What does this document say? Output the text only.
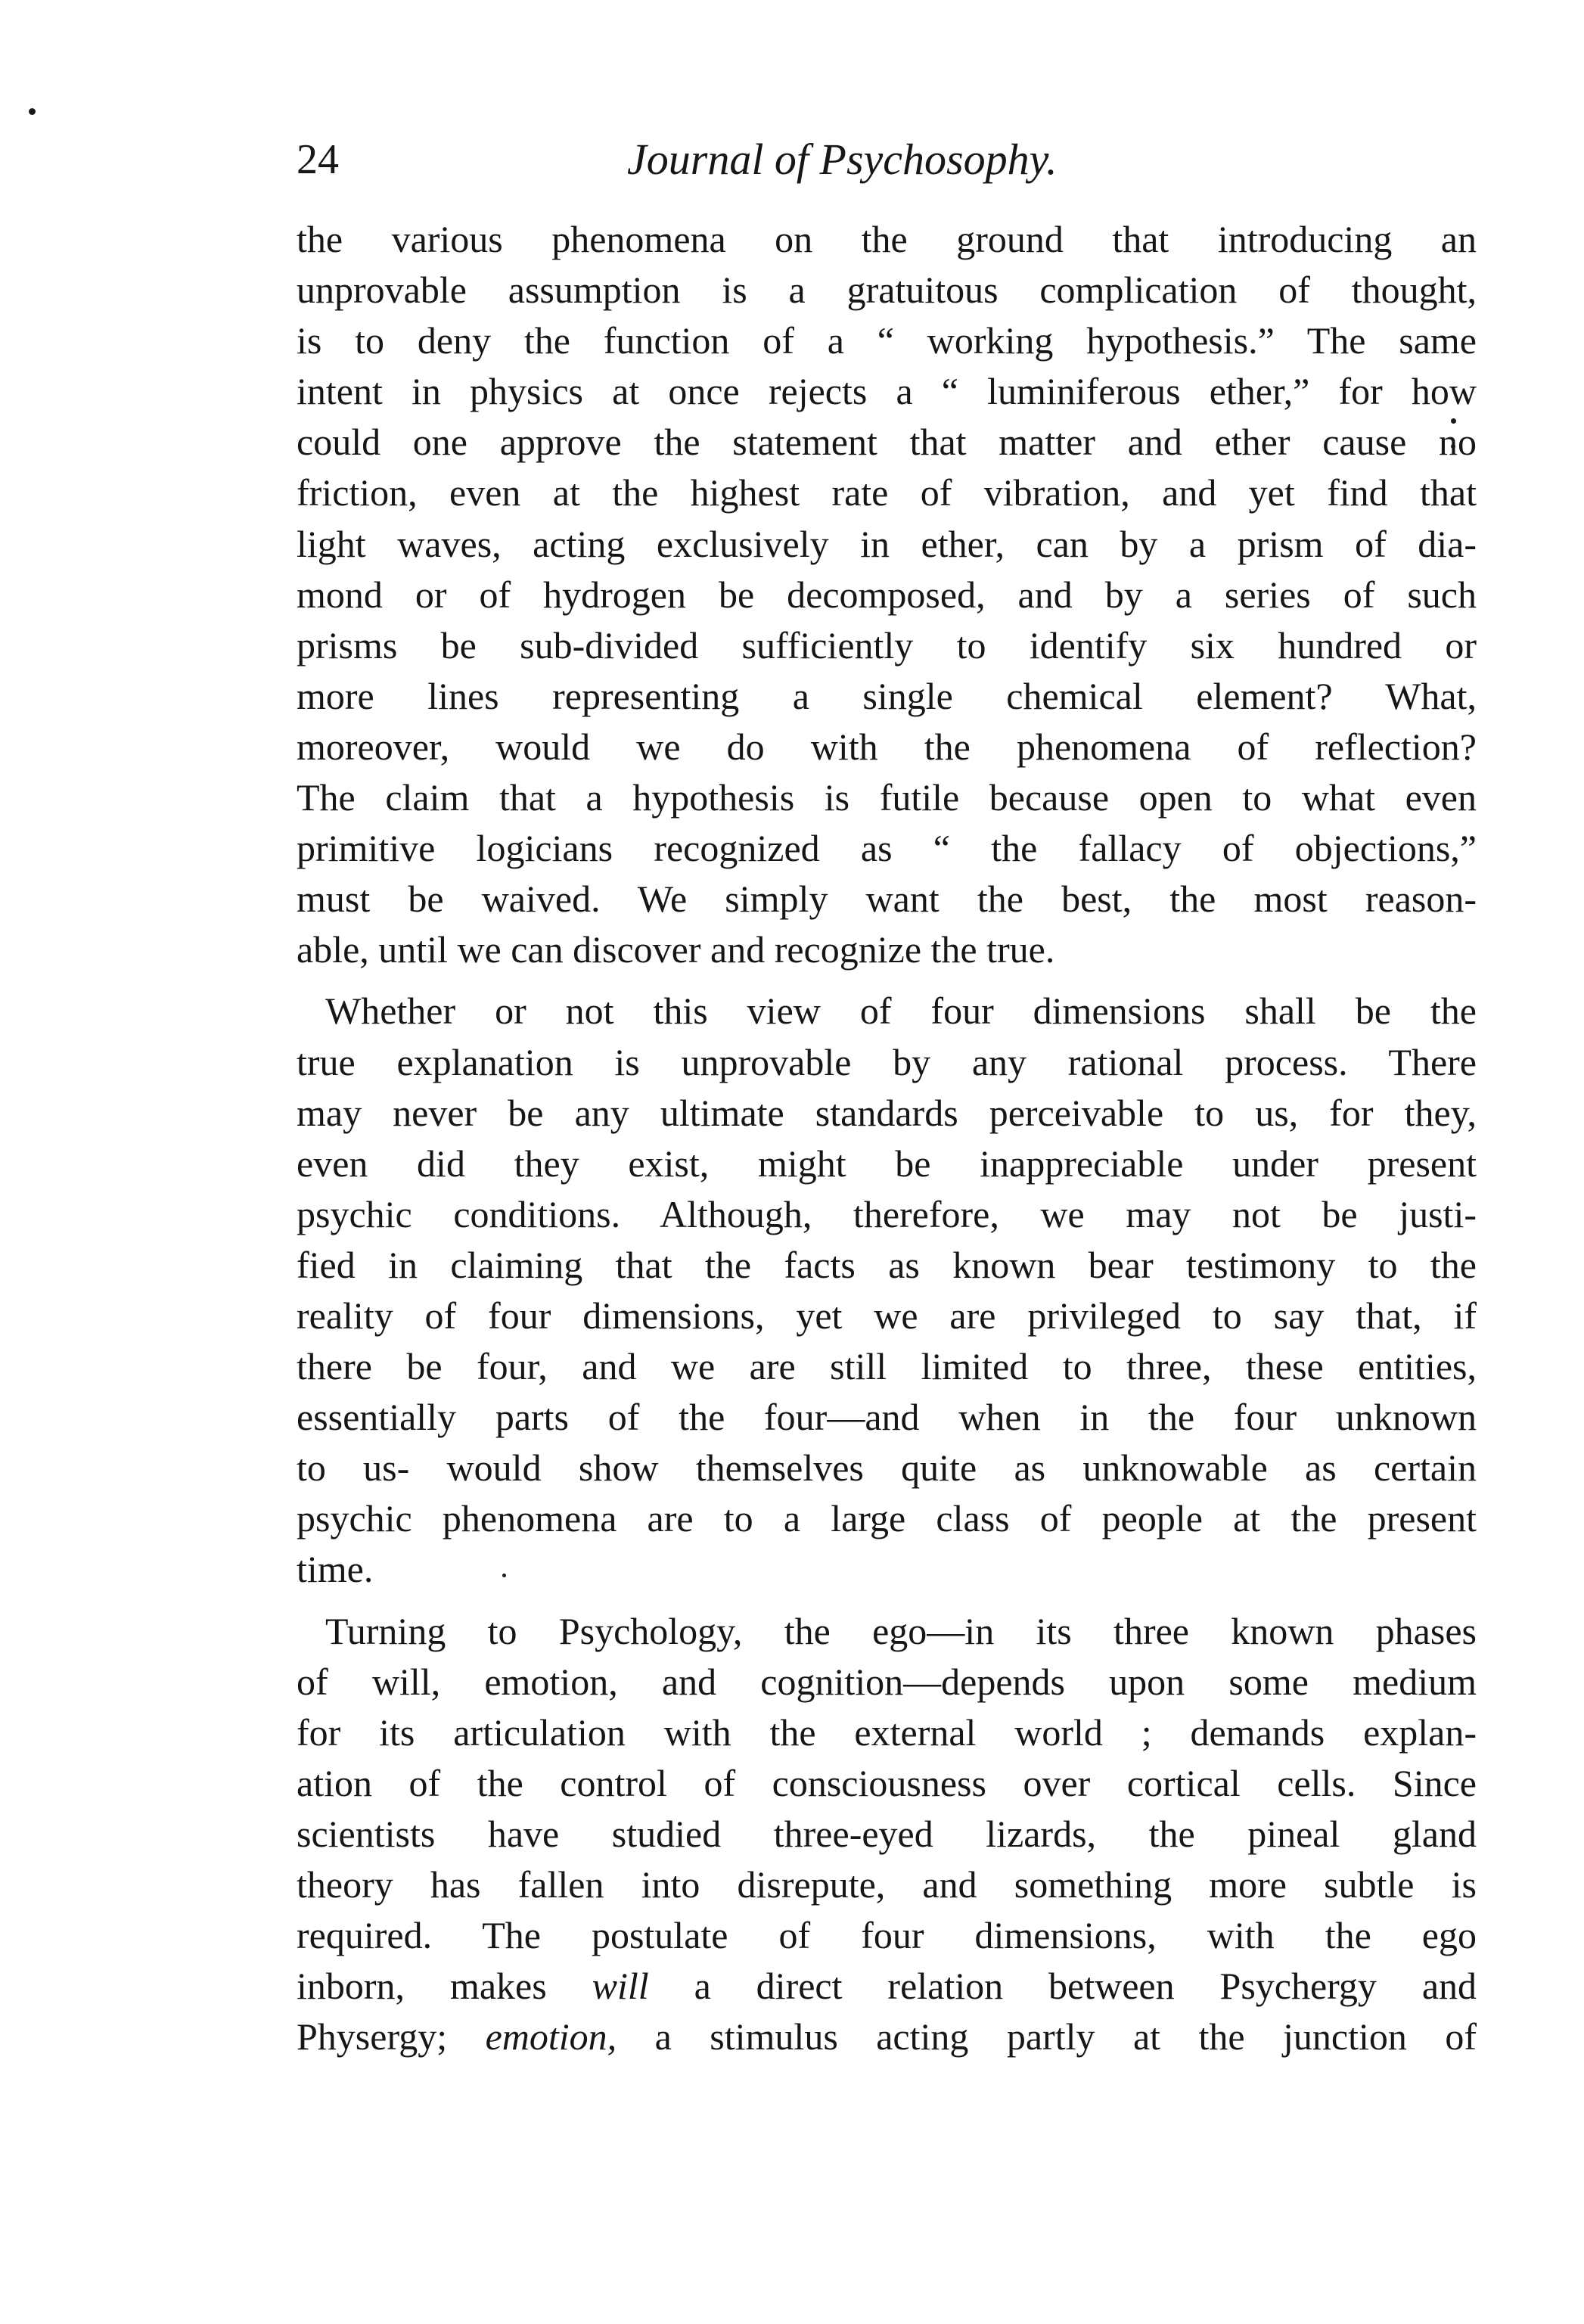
24	Journal of Psychosophy.
the various phenomena on the ground that introducing an
unprovable assumption is a gratuitous complication of thought,
is to deny the function of a “ working hypothesis.” The same
intent in physics at once rejects a “ luminiferous ether,” for how
could one approve the statement that matter and ether cause no
friction, even at the highest rate of vibration, and yet find that
light waves, acting exclusively in ether, can by a prism of dia-
mond or of hydrogen be decomposed, and by a series of such
prisms be sub-divided sufficiently to identify six hundred or
more lines representing a single chemical element? What,
moreover, would we do with the phenomena of reflection?
The claim that a hypothesis is futile because open to what even
primitive logicians recognized as “ the fallacy of objections,”
must be waived. We simply want the best, the most reason-
able, until we can discover and recognize the true.
Whether or not this view of four dimensions shall be the
true explanation is unprovable by any rational process. There
may never be any ultimate standards perceivable to us, for they,
even did they exist, might be inappreciable under present
psychic conditions. Although, therefore, we may not be justi-
fied in claiming that the facts as known bear testimony to the
reality of four dimensions, yet we are privileged to say that, if
there be four, and we are still limited to three, these entities,
essentially parts of the four—and when in the four unknown
to us- would show themselves quite as unknowable as certain
psychic phenomena are to a large class of people at the present
time.
Turning to Psychology, the ego—in its three known phases
of will, emotion, and cognition—depends upon some medium
for its articulation with the external world ; demands explan-
ation of the control of consciousness over cortical cells. Since
scientists have studied three-eyed lizards, the pineal gland
theory has fallen into disrepute, and something more subtle is
required. The postulate of four dimensions, with the ego
inborn, makes will a direct relation between Psychergy and
Physergy; emotion, a stimulus acting partly at the junction of
